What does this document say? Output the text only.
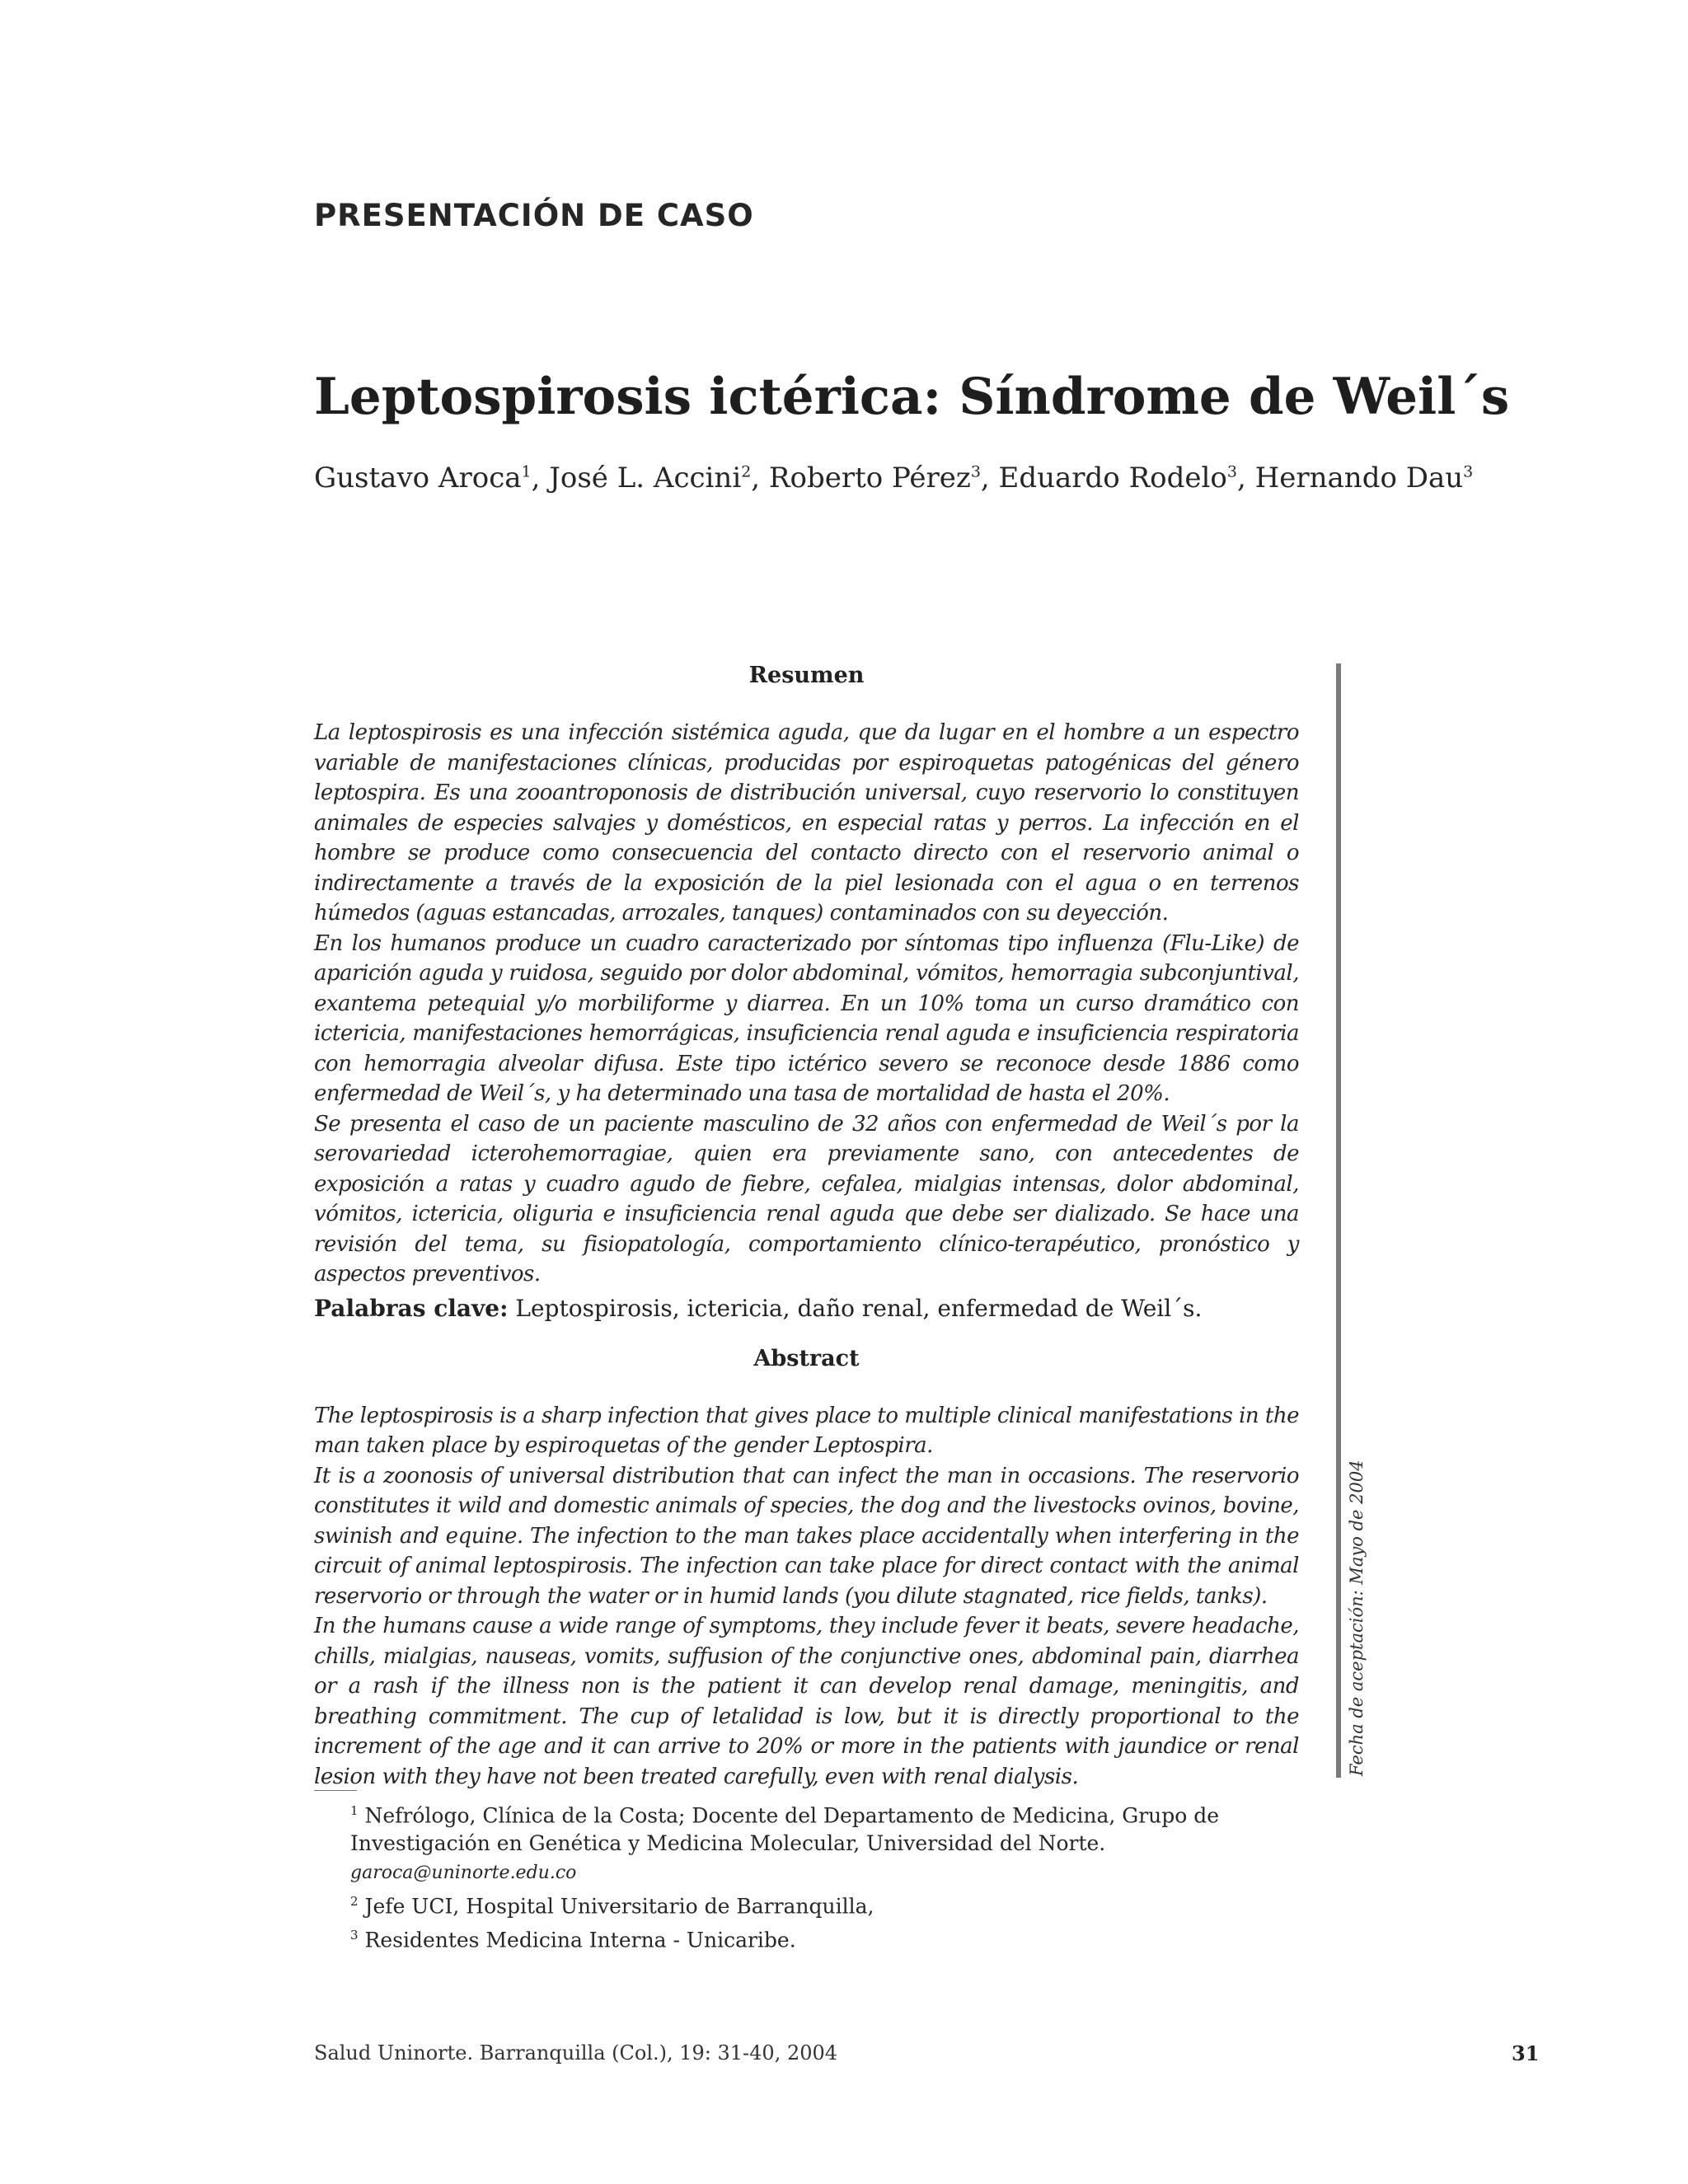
PRESENTACIÓN DE CASO
Leptospirosis ictérica: Síndrome de Weil´s

Gustavo Aroca$^1$, José L. Accini$^2$, Roberto Pérez$^3$, Eduardo Rodelo$^3$, Hernando Dau$^3$

Resumen

La leptospirosis es una infección sistémica aguda, que da lugar en el hombre a un espectro variable de manifestaciones clínicas, producidas por espiroquetas patogénicas del género leptospira. Es una zooantroponosis de distribución universal, cuyo reservorio lo constituyen animales de especies salvajes y domésticos, en especial ratas y perros. La infección en el hombre se produce como consecuencia del contacto directo con el reservorio animal o indirectamente a través de la exposición de la piel lesionada con el agua o en terrenos húmedos (aguas estancadas, arrozales, tanques) contaminados con su deyección.

En los humanos produce un cuadro caracterizado por síntomas tipo influenza (Flu-Like) de aparición aguda y ruidosa, seguido por dolor abdominal, vómitos, hemorragia subconjuntival, exantema petequial y/o morbiliforme y diarrea. En un 10% toma un curso dramático con ictericia, manifestaciones hemorrágicas, insuficiencia renal aguda e insuficiencia respiratoria con hemorragia alveolar difusa. Este tipo ictérico severo se reconoce desde 1886 como enfermedad de Weil´s, y ha determinado una tasa de mortalidad de hasta el 20%.

Se presenta el caso de un paciente masculino de 32 años con enfermedad de Weil´s por la serovariedad icterohemorragiae, quien era previamente sano, con antecedentes de exposición a ratas y cuadro agudo de fiebre, cefalea, mialgias intensas, dolor abdominal, vómitos, ictericia, oliguria e insuficiencia renal aguda que debe ser dializado. Se hace una revisión del tema, su fisiopatología, comportamiento clínico-terapéutico, pronóstico y aspectos preventivos.

Palabras clave: Leptospirosis, ictericia, daño renal, enfermedad de Weil´s.

Abstract

The leptospirosis is a sharp infection that gives place to multiple clinical manifestations in the man taken place by espiroquetas of the gender Leptospira.

It is a zoonosis of universal distribution that can infect the man in occasions. The reservorio constitutes it wild and domestic animals of species, the dog and the livestocks ovinos, bovine, swinish and equine. The infection to the man takes place accidentally when interfering in the circuit of animal leptospirosis. The infection can take place for direct contact with the animal reservorio or through the water or in humid lands (you dilute stagnated, rice fields, tanks).

In the humans cause a wide range of symptoms, they include fever it beats, severe headache, chills, mialgias, nauseas, vomits, suffusion of the conjunctive ones, abdominal pain, diarrhea or a rash if the illness non is the patient it can develop renal damage, meningitis, and breathing commitment. The cup of letalidad is low, but it is directly proportional to the increment of the age and it can arrive to 20% or more in the patients with jaundice or renal lesion with they have not been treated carefully, even with renal dialysis.

Fecha de aceptación: Mayo de 2004

$^1$ Nefrólogo, Clínica de la Costa; Docente del Departamento de Medicina, Grupo de Investigación en Genética y Medicina Molecular, Universidad del Norte. garoca@uninorte.edu.co

$^2$ Jefe UCI, Hospital Universitario de Barranquilla,

$^3$ Residentes Medicina Interna - Unicaribe.

Salud Uninorte. Barranquilla (Col.), 19: 31-40, 2004	31
